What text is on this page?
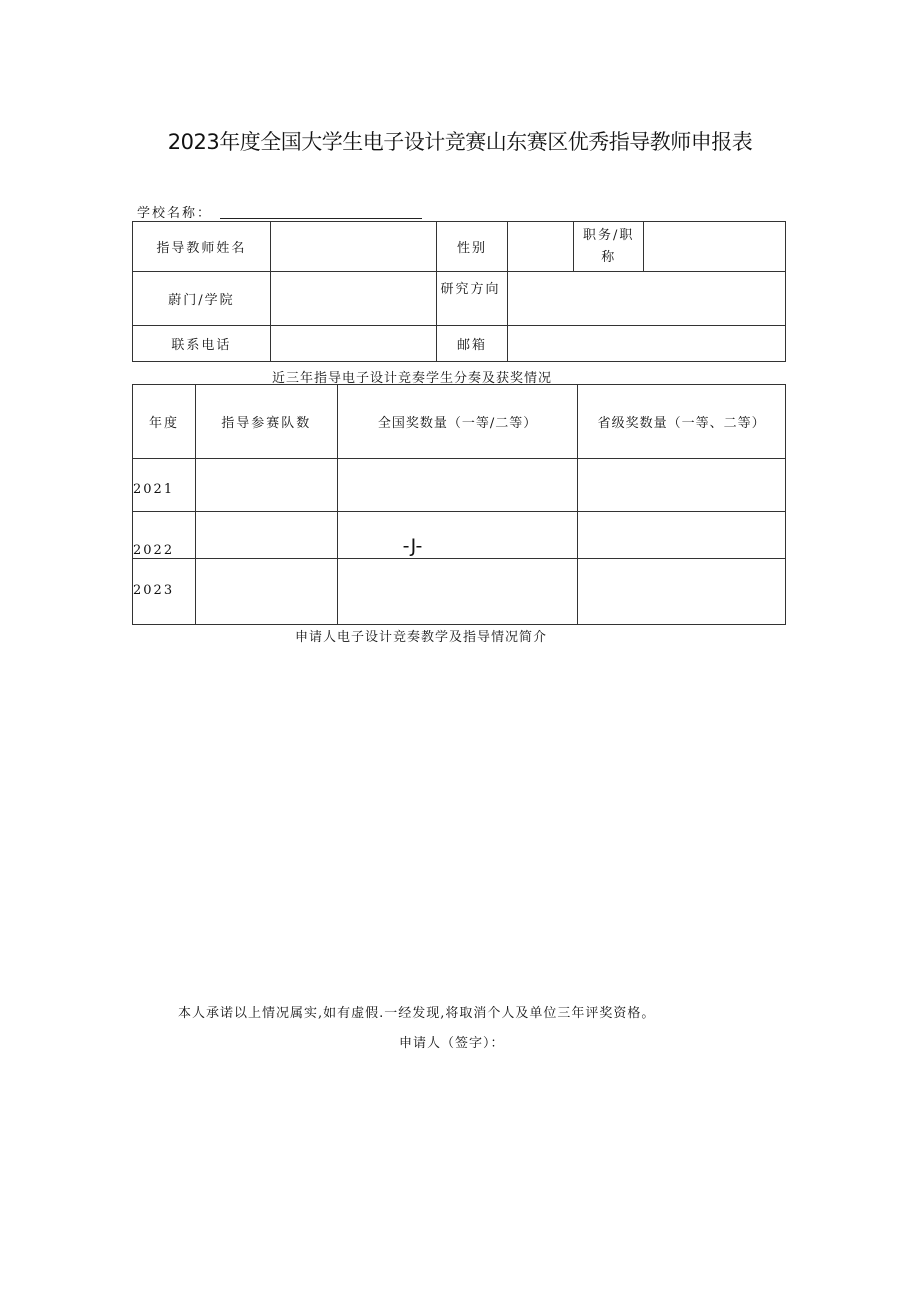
2023年度全国大学生电子设计竞赛山东赛区优秀指导教师申报表
学校名称：
指导教师姓名		性别		职务/职
称	

蔚门/学院		研究方向			
联系电话		邮箱			
近三年指导电子设计竞奏学生分奏及获奖情况
年度	指导参赛队数	全国奖数量（一等/二等）	省级奖数量（一等、二等）
2021			
2022		-J-	
2023			
申请人电子设计竞奏教学及指导情况简介
本人承诺以上情况属实,如有虚假.一经发现,将取消个人及单位三年评奖资格。
申请人（签字）：
